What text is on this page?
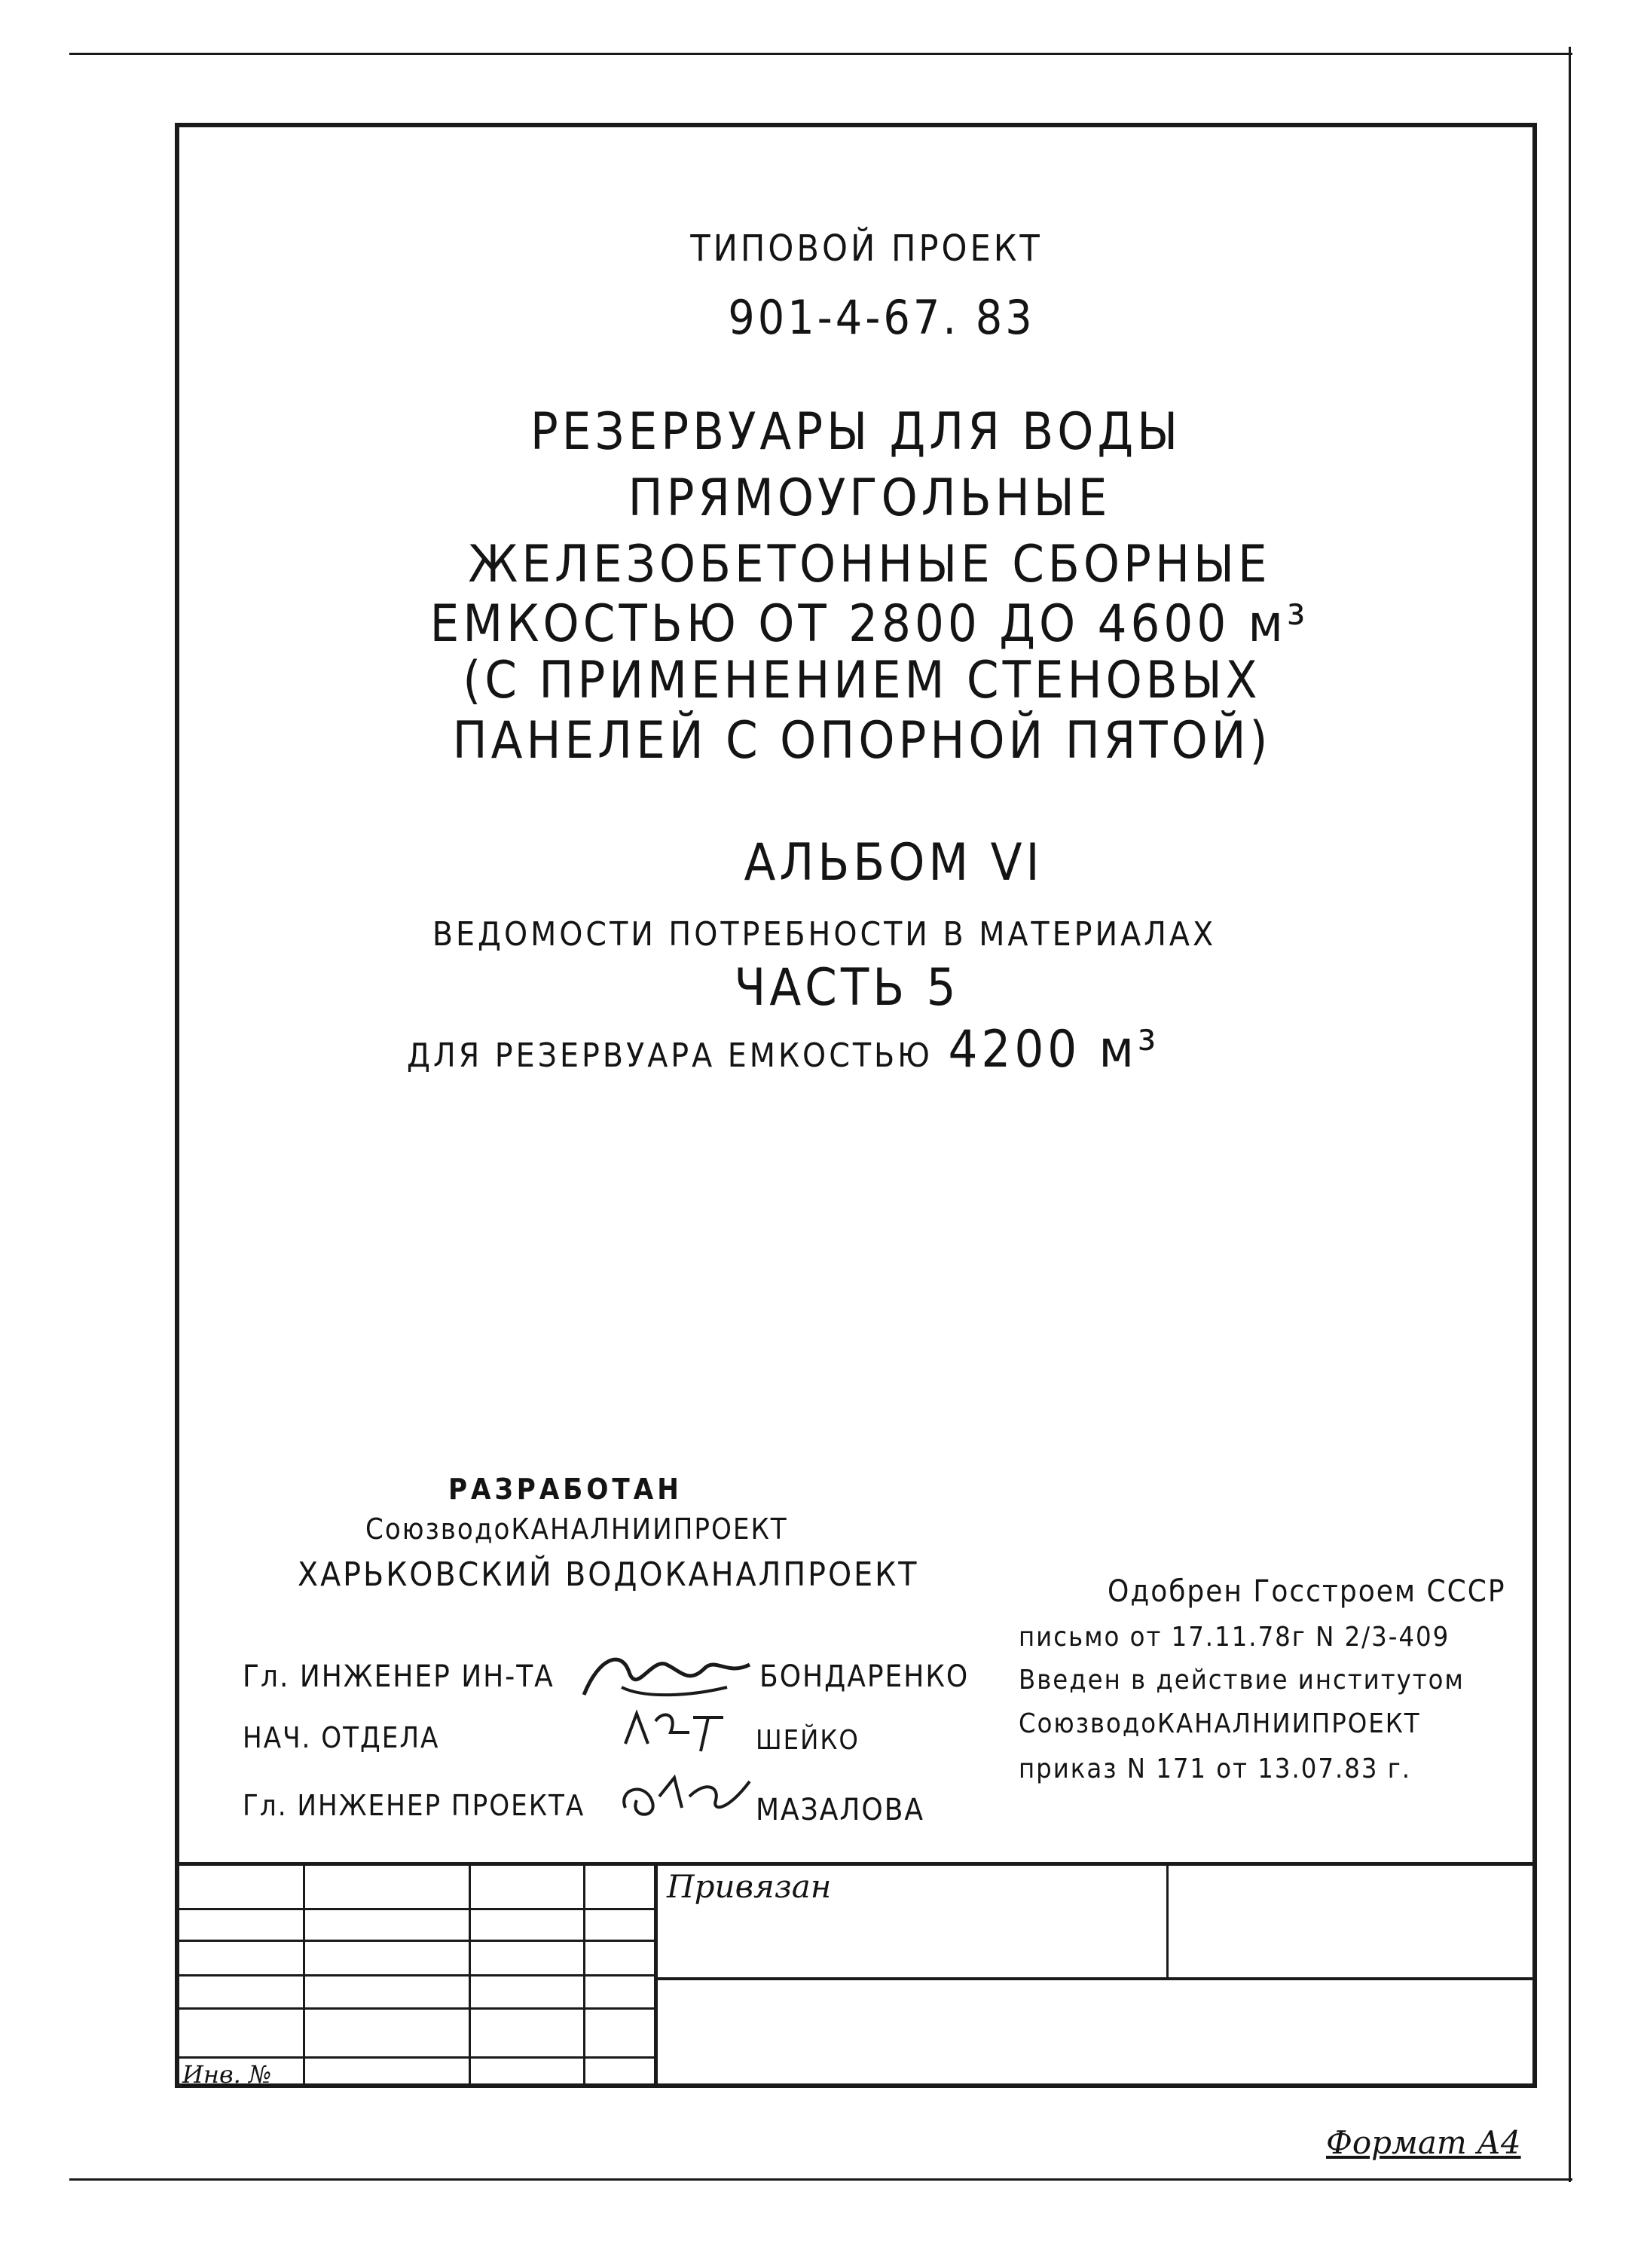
ТИПОВОЙ ПРОЕКТ
901-4-67. 83
РЕЗЕРВУАРЫ ДЛЯ ВОДЫ
ПРЯМОУГОЛЬНЫЕ
ЖЕЛЕЗОБЕТОННЫЕ СБОРНЫЕ
ЕМКОСТЬЮ ОТ 2800 ДО 4600 м³
(С ПРИМЕНЕНИЕМ СТЕНОВЫХ
ПАНЕЛЕЙ С ОПОРНОЙ ПЯТОЙ)
АЛЬБОМ VI
ВЕДОМОСТИ ПОТРЕБНОСТИ В МАТЕРИАЛАХ
ЧАСТЬ 5
ДЛЯ РЕЗЕРВУАРА ЕМКОСТЬЮ 4200 м³
РАЗРАБОТАН
СоюзводоКАНАЛНИИПРОЕКТ
ХАРЬКОВСКИЙ ВОДОКАНАЛПРОЕКТ
Гл. ИНЖЕНЕР ИН-ТА	БОНДАРЕНКО
НАЧ. ОТДЕЛА	ШЕЙКО
Гл. ИНЖЕНЕР ПРОЕКТА	МАЗАЛОВА
Одобрен Госстроем СССР
письмо от 17.11.78г N 2/3-409
Введен в действие институтом
СоюзводоКАНАЛНИИПРОЕКТ
приказ N 171 от 13.07.83 г.
Привязан
Инв. №
Формат А4
